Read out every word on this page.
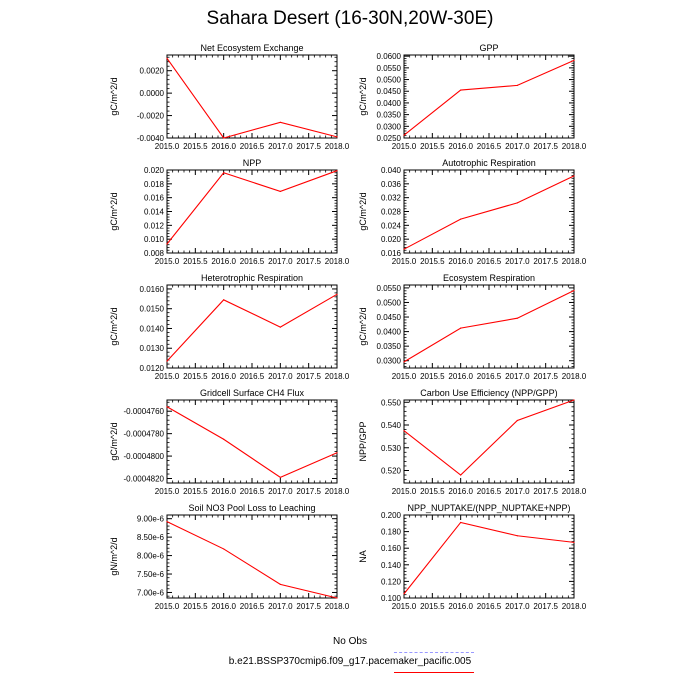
Sahara Desert (16-30N,20W-30E)
Net Ecosystem Exchange
gC/m^2/d
-0.0040
-0.0020
0.0000
0.0020
2015.0 2015.5 2016.0 2016.5 2017.0 2017.5 2018.0
GPP
gC/m^2/d
0.0250
0.0300
0.0350
0.0400
0.0450
0.0500
0.0550
0.0600
2015.0 2015.5 2016.0 2016.5 2017.0 2017.5 2018.0
NPP
gC/m^2/d
0.008
0.010
0.012
0.014
0.016
0.018
0.020
2015.0 2015.5 2016.0 2016.5 2017.0 2017.5 2018.0
Autotrophic Respiration
gC/m^2/d
0.016
0.020
0.024
0.028
0.032
0.036
0.040
2015.0 2015.5 2016.0 2016.5 2017.0 2017.5 2018.0
Heterotrophic Respiration
gC/m^2/d
0.0120
0.0130
0.0140
0.0150
0.0160
2015.0 2015.5 2016.0 2016.5 2017.0 2017.5 2018.0
Ecosystem Respiration
gC/m^2/d
0.0300
0.0350
0.0400
0.0450
0.0500
0.0550
2015.0 2015.5 2016.0 2016.5 2017.0 2017.5 2018.0
Gridcell Surface CH4 Flux
gC/m^2/d
-0.0004820
-0.0004800
-0.0004780
-0.0004760
2015.0 2015.5 2016.0 2016.5 2017.0 2017.5 2018.0
Carbon Use Efficiency (NPP/GPP)
NPP/GPP
0.520
0.530
0.540
0.550
2015.0 2015.5 2016.0 2016.5 2017.0 2017.5 2018.0
Soil NO3 Pool Loss to Leaching
gN/m^2/d
7.00e-6
7.50e-6
8.00e-6
8.50e-6
9.00e-6
2015.0 2015.5 2016.0 2016.5 2017.0 2017.5 2018.0
NPP_NUPTAKE/(NPP_NUPTAKE+NPP)
NA
0.100
0.120
0.140
0.160
0.180
0.200
2015.0 2015.5 2016.0 2016.5 2017.0 2017.5 2018.0
No Obs
b.e21.BSSP370cmip6.f09_g17.pacemaker_pacific.005
